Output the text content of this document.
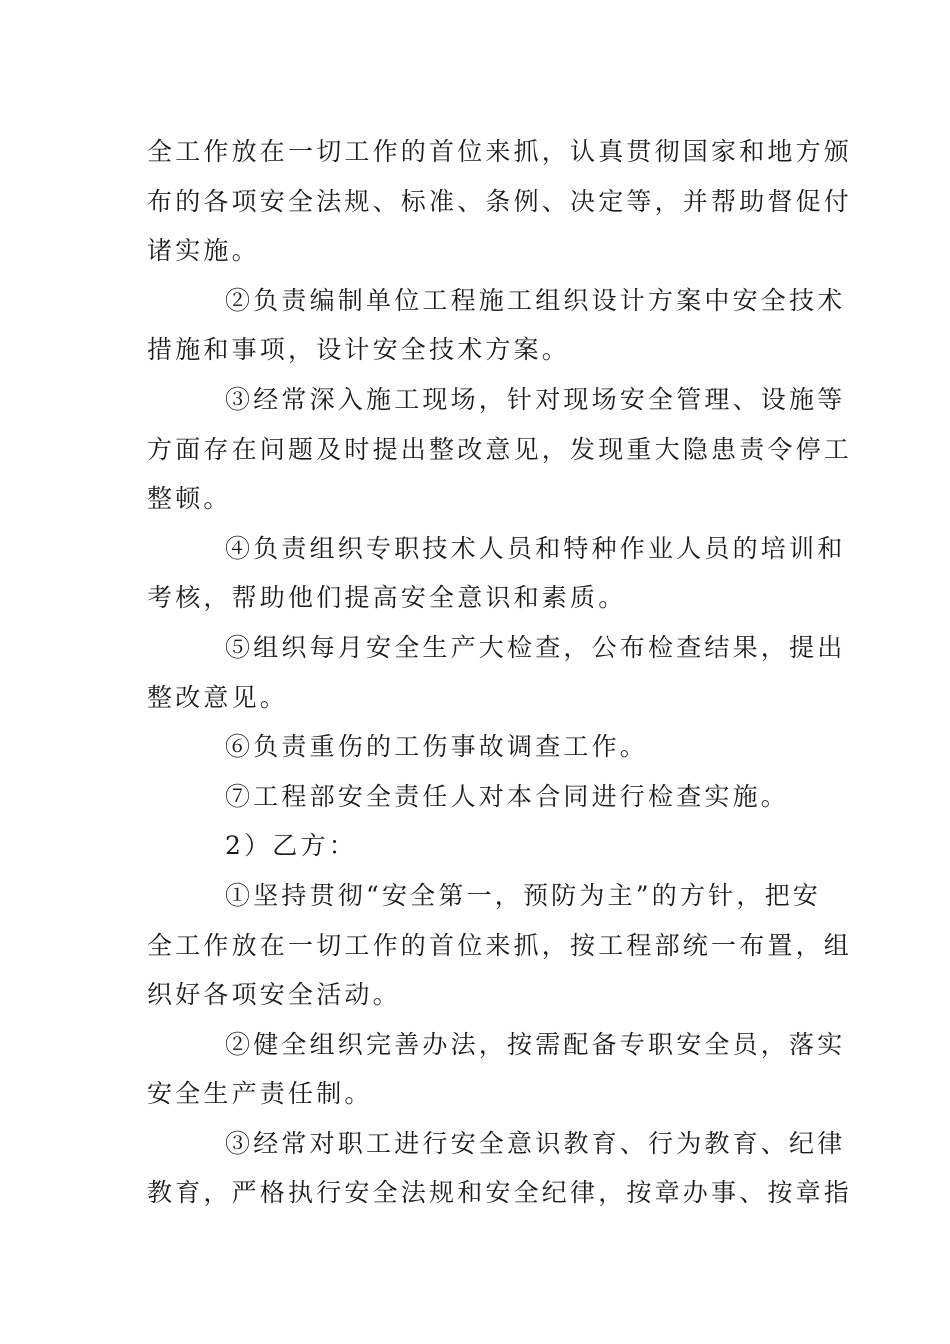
全工作放在一切工作的首位来抓，认真贯彻国家和地方颁
布的各项安全法规、标准、条例、决定等，并帮助督促付
诸实施。

②负责编制单位工程施工组织设计方案中安全技术
措施和事项，设计安全技术方案。

③经常深入施工现场，针对现场安全管理、设施等
方面存在问题及时提出整改意见，发现重大隐患责令停工
整顿。

④负责组织专职技术人员和特种作业人员的培训和
考核，帮助他们提高安全意识和素质。

⑤组织每月安全生产大检查，公布检查结果，提出
整改意见。

⑥负责重伤的工伤事故调查工作。

⑦工程部安全责任人对本合同进行检查实施。

2）乙方：

①坚持贯彻“安全第一，预防为主”的方针，把安
全工作放在一切工作的首位来抓，按工程部统一布置，组
织好各项安全活动。

②健全组织完善办法，按需配备专职安全员，落实
安全生产责任制。

③经常对职工进行安全意识教育、行为教育、纪律
教育，严格执行安全法规和安全纪律，按章办事、按章指
